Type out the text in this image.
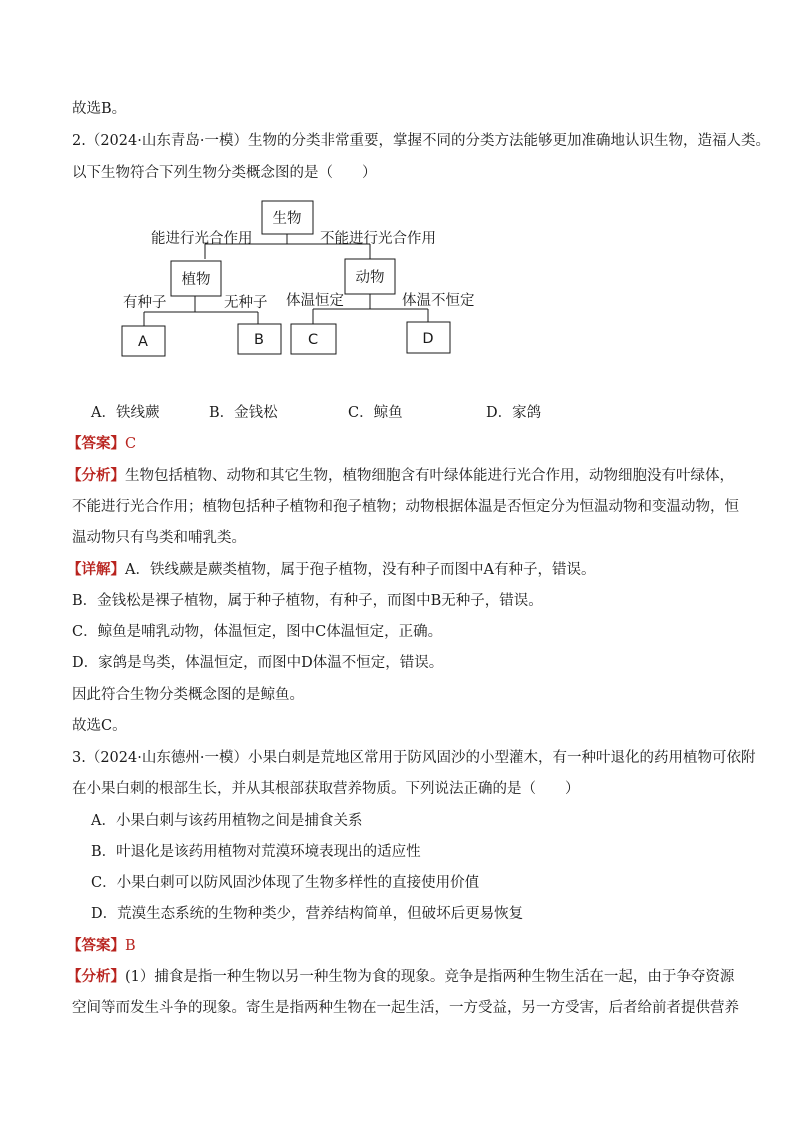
故选B。
2.（2024·山东青岛·一模）生物的分类非常重要，掌握不同的分类方法能够更加准确地认识生物，造福人类。
以下生物符合下列生物分类概念图的是（　　）
生物
植物	动物
A	B	C	D
能进行光合作用	不能进行光合作用
有种子	无种子 体温恒定	体温不恒定
A．铁线蕨	B．金钱松	C．鲸鱼	D．家鸽
【答案】C
【分析】生物包括植物、动物和其它生物，植物细胞含有叶绿体能进行光合作用，动物细胞没有叶绿体，
不能进行光合作用；植物包括种子植物和孢子植物；动物根据体温是否恒定分为恒温动物和变温动物，恒
温动物只有鸟类和哺乳类。
【详解】A．铁线蕨是蕨类植物，属于孢子植物，没有种子而图中A有种子，错误。
B．金钱松是裸子植物，属于种子植物，有种子，而图中B无种子，错误。
C．鲸鱼是哺乳动物，体温恒定，图中C体温恒定，正确。
D．家鸽是鸟类，体温恒定，而图中D体温不恒定，错误。
因此符合生物分类概念图的是鲸鱼。
故选C。
3.（2024·山东德州·一模）小果白刺是荒地区常用于防风固沙的小型灌木，有一种叶退化的药用植物可依附
在小果白刺的根部生长，并从其根部获取营养物质。下列说法正确的是（　　）
A．小果白刺与该药用植物之间是捕食关系
B．叶退化是该药用植物对荒漠环境表现出的适应性
C．小果白刺可以防风固沙体现了生物多样性的直接使用价值
D．荒漠生态系统的生物种类少，营养结构简单，但破坏后更易恢复
【答案】B
【分析】(1）捕食是指一种生物以另一种生物为食的现象。竞争是指两种生物生活在一起，由于争夺资源
空间等而发生斗争的现象。寄生是指两种生物在一起生活，一方受益，另一方受害，后者给前者提供营养
